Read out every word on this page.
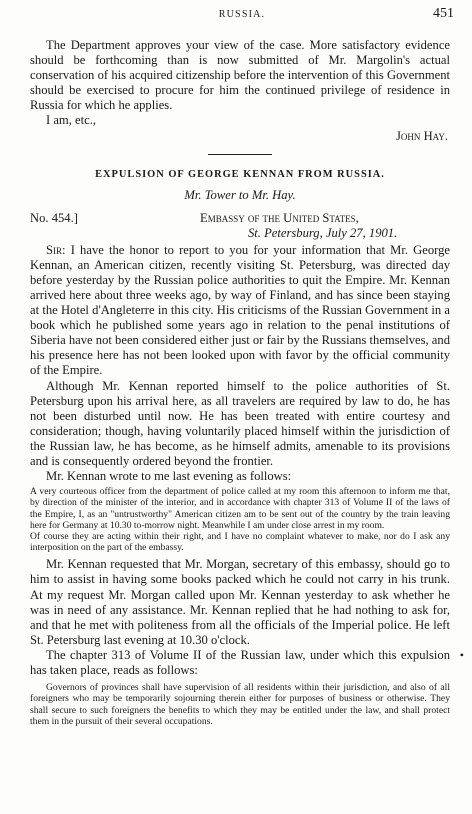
RUSSIA.	451

The Department approves your view of the case. More satisfactory evidence should be forthcoming than is now submitted of Mr. Margolin's actual conservation of his acquired citizenship before the intervention of this Government should be exercised to procure for him the continued privilege of residence in Russia for which he applies.

I am, etc.,
John Hay.
EXPULSION OF GEORGE KENNAN FROM RUSSIA.
Mr. Tower to Mr. Hay.
No. 454.]	Embassy of the United States,
St. Petersburg, July 27, 1901.

Sir: I have the honor to report to you for your information that Mr. George Kennan, an American citizen, recently visiting St. Petersburg, was directed day before yesterday by the Russian police authorities to quit the Empire. Mr. Kennan arrived here about three weeks ago, by way of Finland, and has since been staying at the Hotel d'Angleterre in this city. His criticisms of the Russian Government in a book which he published some years ago in relation to the penal institutions of Siberia have not been considered either just or fair by the Russians themselves, and his presence here has not been looked upon with favor by the official community of the Empire.

Although Mr. Kennan reported himself to the police authorities of St. Petersburg upon his arrival here, as all travelers are required by law to do, he has not been disturbed until now. He has been treated with entire courtesy and consideration; though, having voluntarily placed himself within the jurisdiction of the Russian law, he has become, as he himself admits, amenable to its provisions and is consequently ordered beyond the frontier.

Mr. Kennan wrote to me last evening as follows:

A very courteous officer from the department of police called at my room this afternoon to inform me that, by direction of the minister of the interior, and in accordance with chapter 313 of Volume II of the laws of the Empire, I, as an "untrustworthy" American citizen am to be sent out of the country by the train leaving here for Germany at 10.30 to-morrow night. Meanwhile I am under close arrest in my room.

Of course they are acting within their right, and I have no complaint whatever to make, nor do I ask any interposition on the part of the embassy.

Mr. Kennan requested that Mr. Morgan, secretary of this embassy, should go to him to assist in having some books packed which he could not carry in his trunk. At my request Mr. Morgan called upon Mr. Kennan yesterday to ask whether he was in need of any assistance. Mr. Kennan replied that he had nothing to ask for, and that he met with politeness from all the officials of the Imperial police. He left St. Petersburg last evening at 10.30 o'clock.

The chapter 313 of Volume II of the Russian law, under which this expulsion has taken place, reads as follows:
•

Governors of provinces shall have supervision of all residents within their jurisdiction, and also of all foreigners who may be temporarily sojourning therein either for purposes of business or otherwise. They shall secure to such foreigners the benefits to which they may be entitled under the law, and shall protect them in the pursuit of their several occupations.
